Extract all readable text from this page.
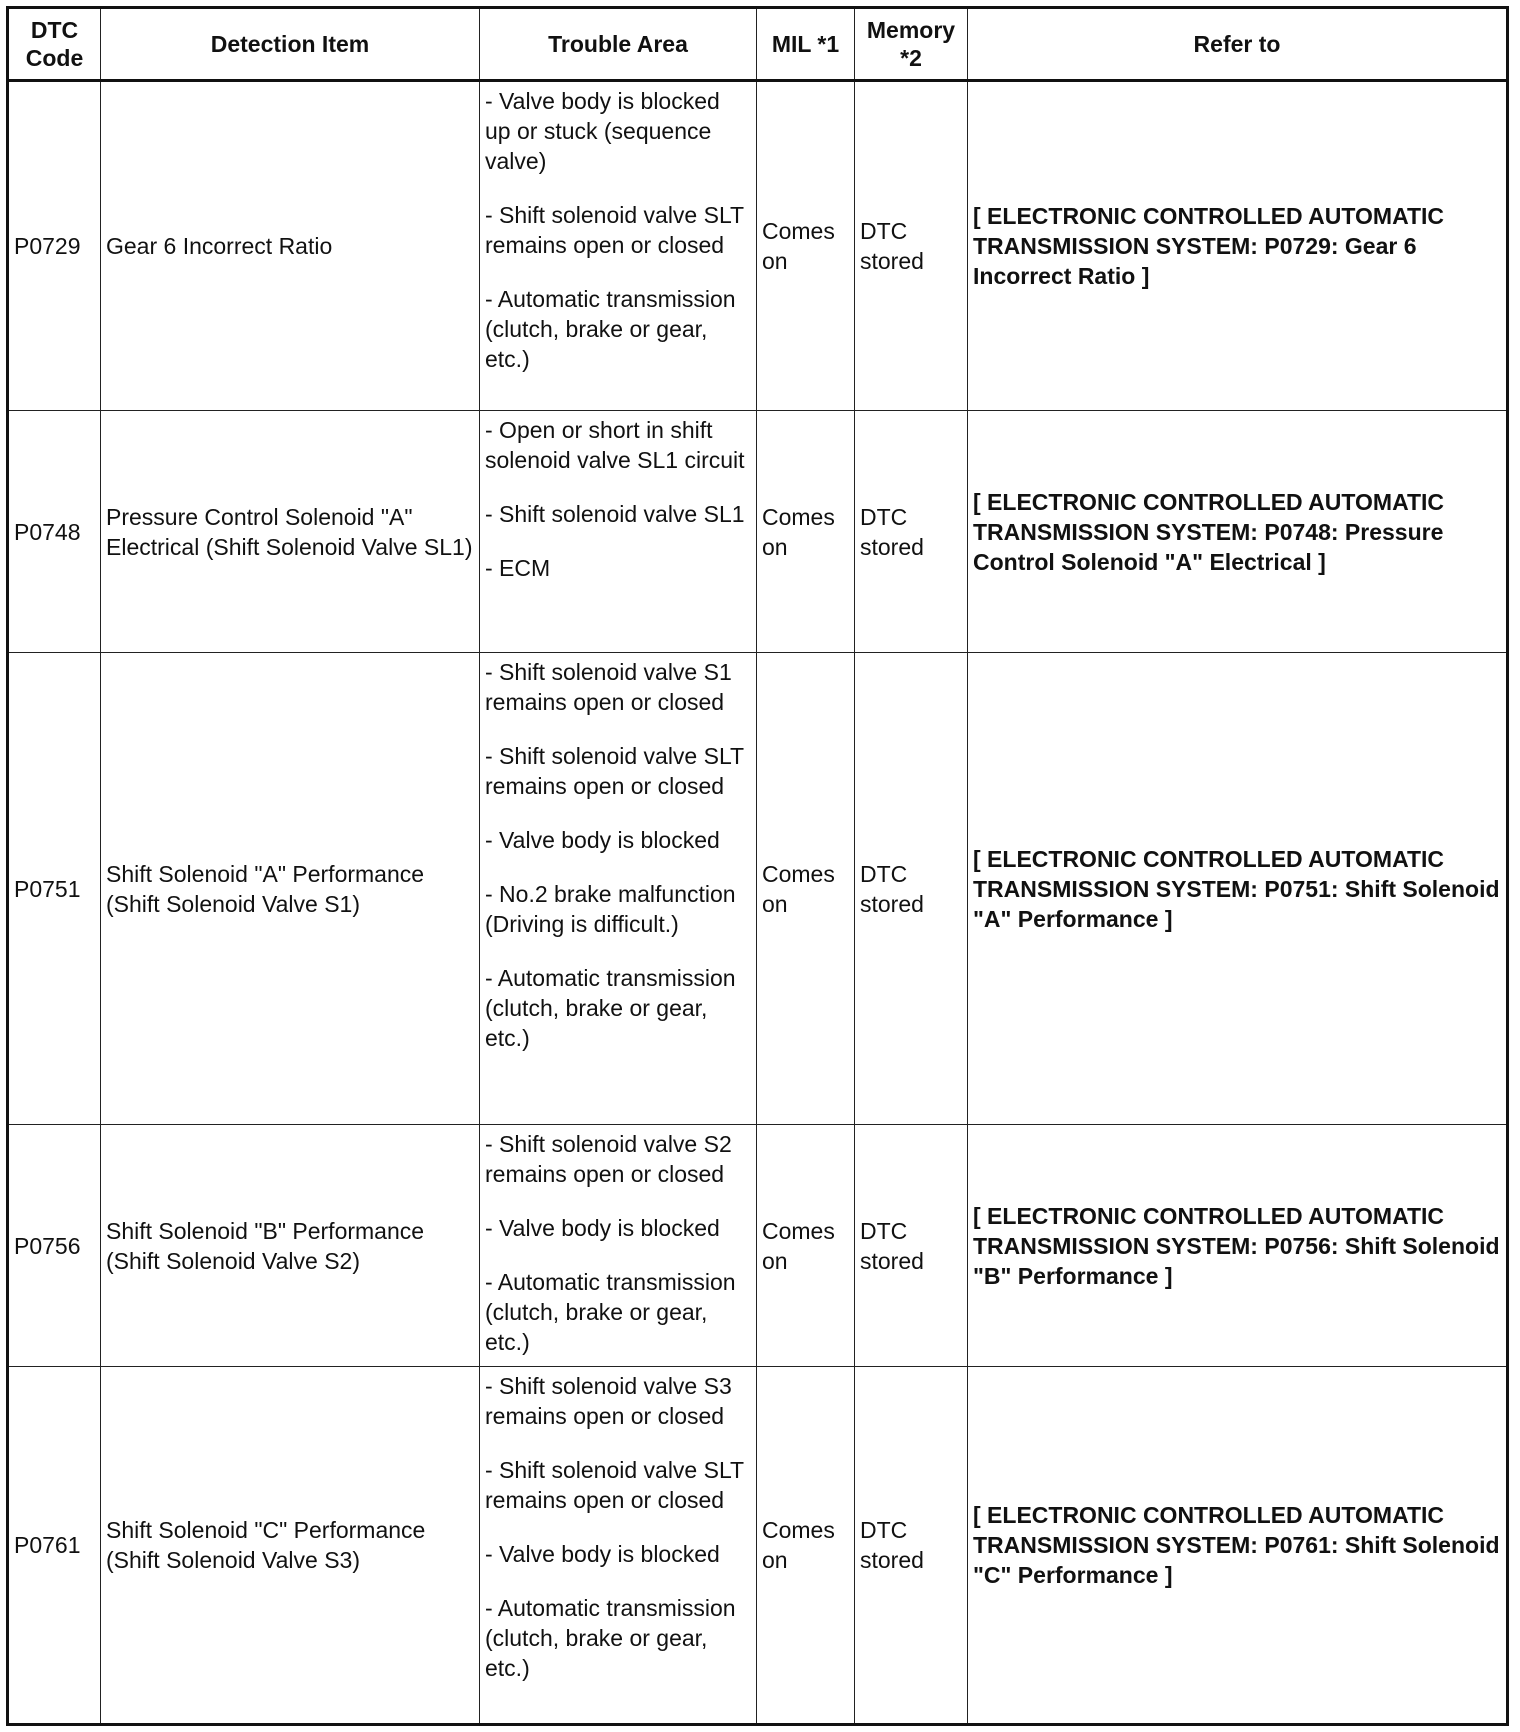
DTC Code	Detection Item	Trouble Area	MIL *1	Memory *2	Refer to
P0729	Gear 6 Incorrect Ratio	- Valve body is blocked up or stuck (sequence valve)
- Shift solenoid valve SLT remains open or closed
- Automatic transmission (clutch, brake or gear, etc.)	Comes on	DTC stored	[ ELECTRONIC CONTROLLED AUTOMATIC TRANSMISSION SYSTEM: P0729: Gear 6 Incorrect Ratio ]
P0748	Pressure Control Solenoid "A" Electrical (Shift Solenoid Valve SL1)	- Open or short in shift solenoid valve SL1 circuit
- Shift solenoid valve SL1
- ECM	Comes on	DTC stored	[ ELECTRONIC CONTROLLED AUTOMATIC TRANSMISSION SYSTEM: P0748: Pressure Control Solenoid "A" Electrical ]
P0751	Shift Solenoid "A" Performance (Shift Solenoid Valve S1)	- Shift solenoid valve S1 remains open or closed
- Shift solenoid valve SLT remains open or closed
- Valve body is blocked
- No.2 brake malfunction (Driving is difficult.)
- Automatic transmission (clutch, brake or gear, etc.)	Comes on	DTC stored	[ ELECTRONIC CONTROLLED AUTOMATIC TRANSMISSION SYSTEM: P0751: Shift Solenoid "A" Performance ]
P0756	Shift Solenoid "B" Performance (Shift Solenoid Valve S2)	- Shift solenoid valve S2 remains open or closed
- Valve body is blocked
- Automatic transmission (clutch, brake or gear, etc.)	Comes on	DTC stored	[ ELECTRONIC CONTROLLED AUTOMATIC TRANSMISSION SYSTEM: P0756: Shift Solenoid "B" Performance ]
P0761	Shift Solenoid "C" Performance (Shift Solenoid Valve S3)	- Shift solenoid valve S3 remains open or closed
- Shift solenoid valve SLT remains open or closed
- Valve body is blocked
- Automatic transmission (clutch, brake or gear, etc.)	Comes on	DTC stored	[ ELECTRONIC CONTROLLED AUTOMATIC TRANSMISSION SYSTEM: P0761: Shift Solenoid "C" Performance ]
